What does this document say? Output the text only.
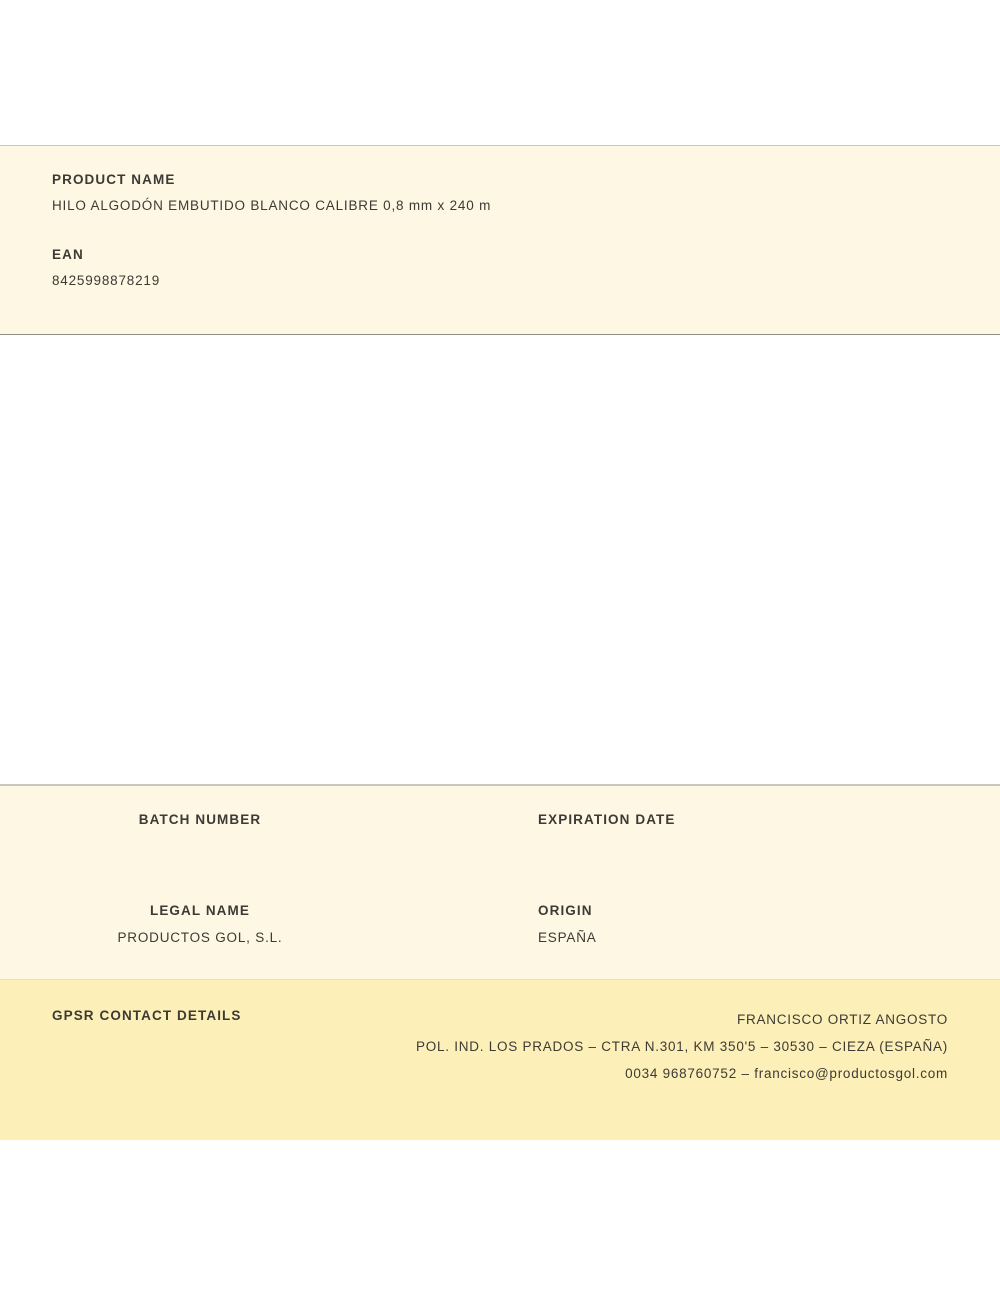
PRODUCT NAME
HILO ALGODÓN EMBUTIDO BLANCO CALIBRE 0,8 mm x 240 m
EAN
8425998878219
BATCH NUMBER	EXPIRATION DATE
LEGAL NAME
PRODUCTOS GOL, S.L.
ORIGIN
ESPAÑA
GPSR CONTACT DETAILS	FRANCISCO ORTIZ ANGOSTO
POL. IND. LOS PRADOS – CTRA N.301, KM 350'5 – 30530 – CIEZA (ESPAÑA)
0034 968760752 – francisco@productosgol.com
